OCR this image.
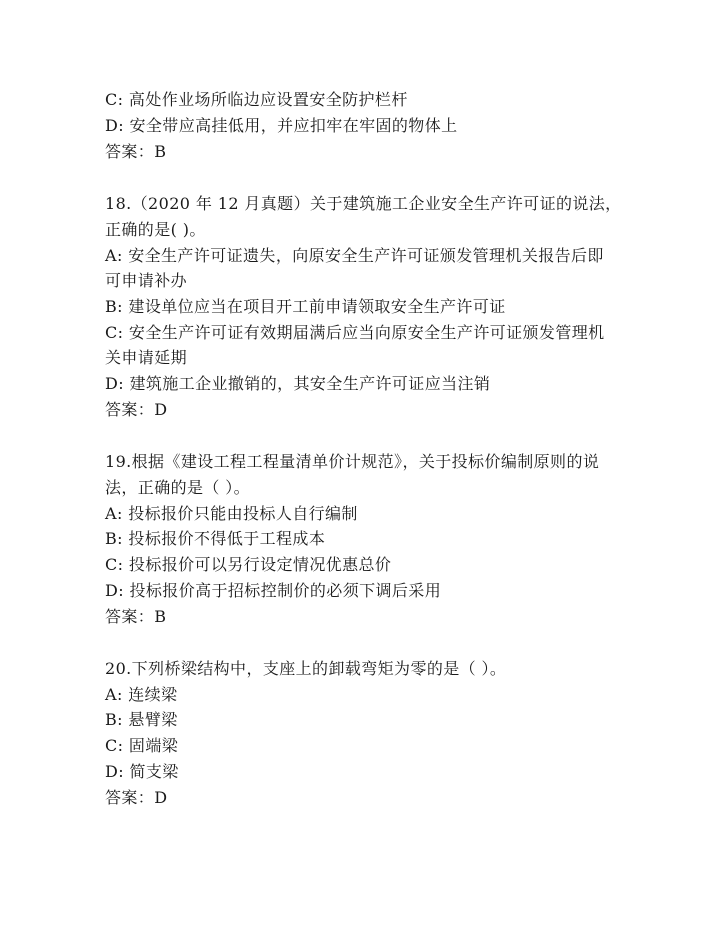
C: 高处作业场所临边应设置安全防护栏杆
D: 安全带应高挂低用，并应扣牢在牢固的物体上
答案：B
18.（2020 年 12 月真题）关于建筑施工企业安全生产许可证的说法，
正确的是( )。
A: 安全生产许可证遗失，向原安全生产许可证颁发管理机关报告后即
可申请补办
B: 建设单位应当在项目开工前申请领取安全生产许可证
C: 安全生产许可证有效期届满后应当向原安全生产许可证颁发管理机
关申请延期
D: 建筑施工企业撤销的，其安全生产许可证应当注销
答案：D
19.根据《建设工程工程量清单价计规范》，关于投标价编制原则的说
法，正确的是（ ）。
A: 投标报价只能由投标人自行编制
B: 投标报价不得低于工程成本
C: 投标报价可以另行设定情况优惠总价
D: 投标报价高于招标控制价的必须下调后采用
答案：B
20.下列桥梁结构中，支座上的卸载弯矩为零的是（ ）。
A: 连续梁
B: 悬臂梁
C: 固端梁
D: 简支梁
答案：D
